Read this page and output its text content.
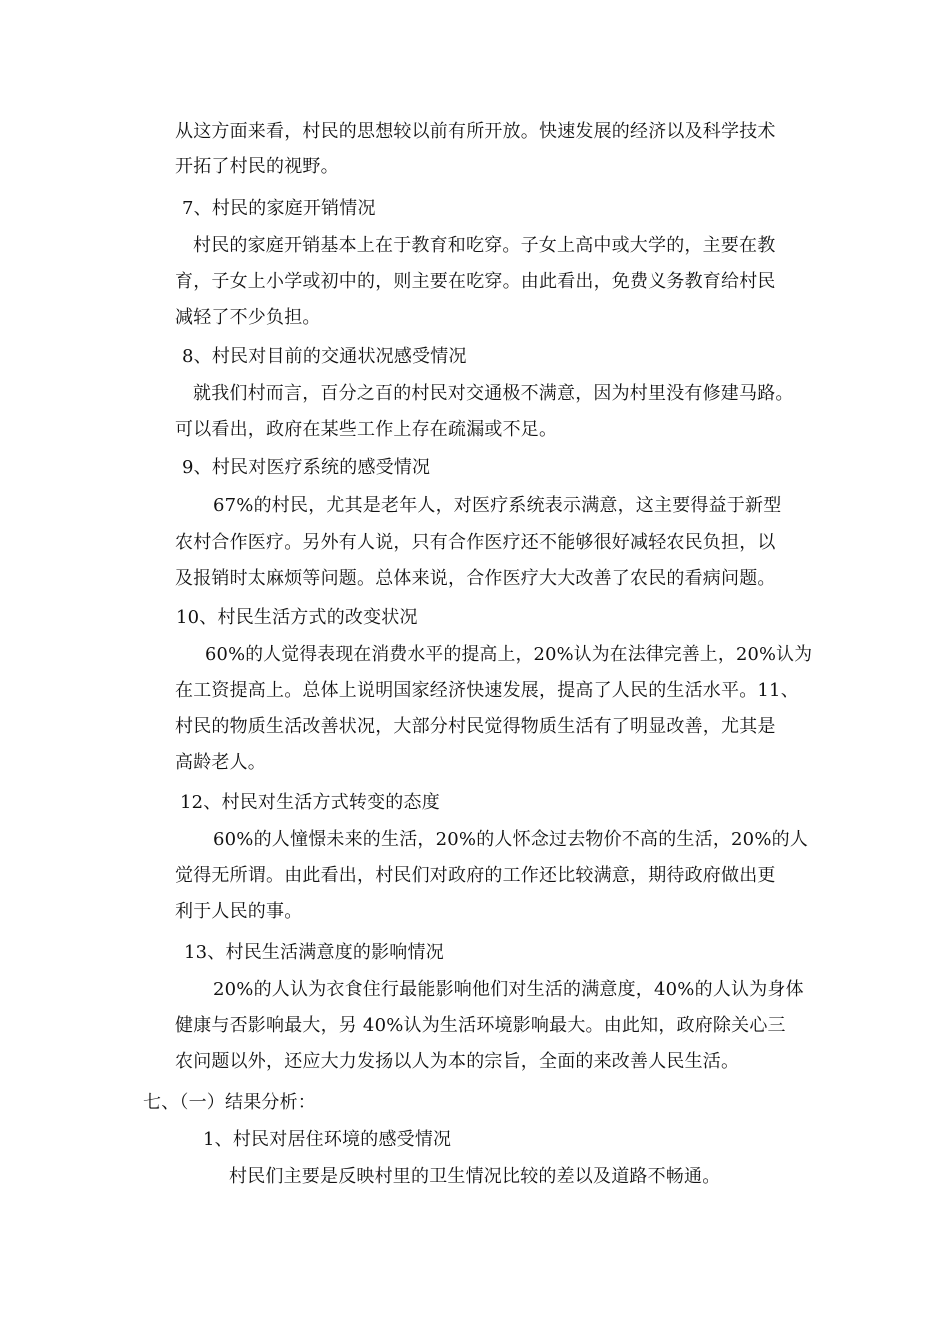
从这方面来看，村民的思想较以前有所开放。快速发展的经济以及科学技术
开拓了村民的视野。
7、村民的家庭开销情况
村民的家庭开销基本上在于教育和吃穿。子女上高中或大学的，主要在教
育，子女上小学或初中的，则主要在吃穿。由此看出，免费义务教育给村民
减轻了不少负担。
8、村民对目前的交通状况感受情况
就我们村而言，百分之百的村民对交通极不满意，因为村里没有修建马路。
可以看出，政府在某些工作上存在疏漏或不足。
9、村民对医疗系统的感受情况
67%的村民，尤其是老年人，对医疗系统表示满意，这主要得益于新型
农村合作医疗。另外有人说，只有合作医疗还不能够很好减轻农民负担，以
及报销时太麻烦等问题。总体来说，合作医疗大大改善了农民的看病问题。
10、村民生活方式的改变状况
60%的人觉得表现在消费水平的提高上，20%认为在法律完善上，20%认为
在工资提高上。总体上说明国家经济快速发展，提高了人民的生活水平。11、
村民的物质生活改善状况，大部分村民觉得物质生活有了明显改善，尤其是
高龄老人。
12、村民对生活方式转变的态度
60%的人憧憬未来的生活，20%的人怀念过去物价不高的生活，20%的人
觉得无所谓。由此看出，村民们对政府的工作还比较满意，期待政府做出更
利于人民的事。
13、村民生活满意度的影响情况
20%的人认为衣食住行最能影响他们对生活的满意度，40%的人认为身体
健康与否影响最大，另 40%认为生活环境影响最大。由此知，政府除关心三
农问题以外，还应大力发扬以人为本的宗旨，全面的来改善人民生活。
七、（一）结果分析：
1、村民对居住环境的感受情况
村民们主要是反映村里的卫生情况比较的差以及道路不畅通。
